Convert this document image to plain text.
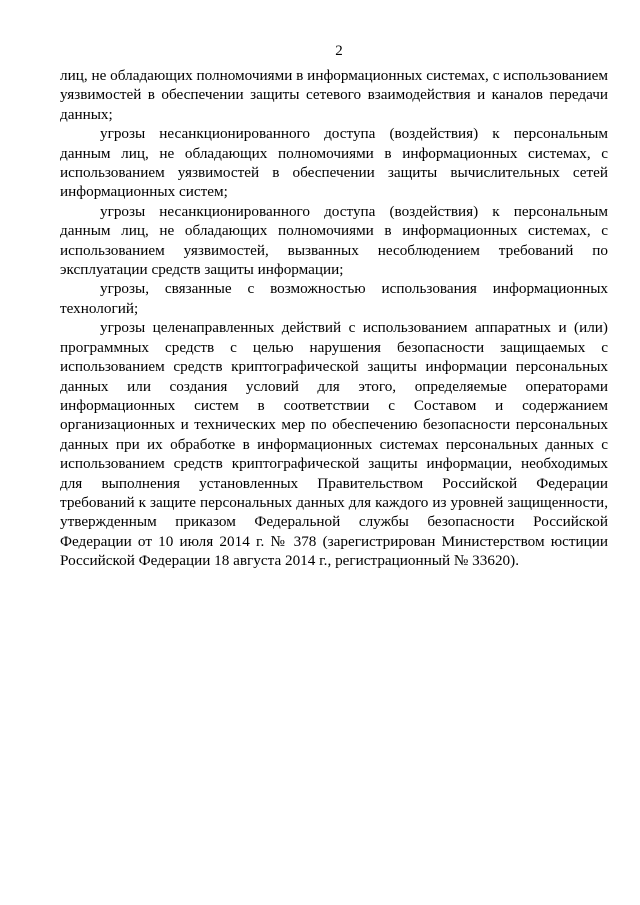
2

лиц, не обладающих полномочиями в информационных системах, с использованием уязвимостей в обеспечении защиты сетевого взаимодействия и каналов передачи данных;

угрозы несанкционированного доступа (воздействия) к персональным данным лиц, не обладающих полномочиями в информационных системах, с использованием уязвимостей в обеспечении защиты вычислительных сетей информационных систем;

угрозы несанкционированного доступа (воздействия) к персональным данным лиц, не обладающих полномочиями в информационных системах, с использованием уязвимостей, вызванных несоблюдением требований по эксплуатации средств защиты информации;

угрозы, связанные с возможностью использования информационных технологий;

угрозы целенаправленных действий с использованием аппаратных и (или) программных средств с целью нарушения безопасности защищаемых с использованием средств криптографической защиты информации персональных данных или создания условий для этого, определяемые операторами информационных систем в соответствии с Составом и содержанием организационных и технических мер по обеспечению безопасности персональных данных при их обработке в информационных системах персональных данных с использованием средств криптографической защиты информации, необходимых для выполнения установленных Правительством Российской Федерации требований к защите персональных данных для каждого из уровней защищенности, утвержденным приказом Федеральной службы безопасности Российской Федерации от 10 июля 2014 г. № 378 (зарегистрирован Министерством юстиции Российской Федерации 18 августа 2014 г., регистрационный № 33620).
